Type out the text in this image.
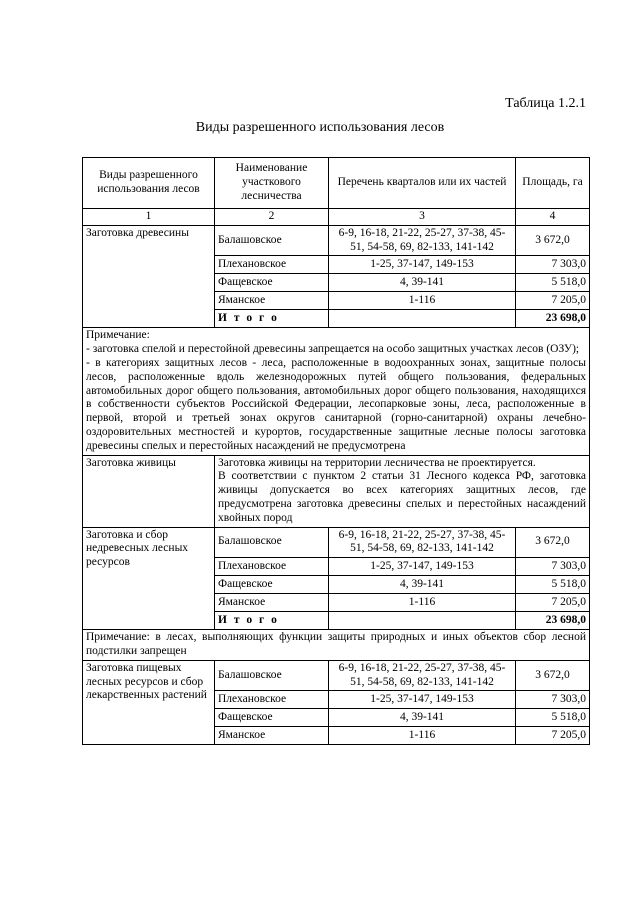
Таблица 1.2.1
Виды разрешенного использования лесов
Виды разрешенного использования лесов	Наименование участкового лесничества	Перечень кварталов или их частей	Площадь, га
1	2	3	4
Заготовка древесины	Балашовское	6-9, 16-18, 21-22, 25-27, 37-38, 45-51, 54-58, 69, 82-133, 141-142	3 672,0
	Плехановское	1-25, 37-147, 149-153	7 303,0
	Фащевское	4, 39-141	5 518,0
	Яманское	1-116	7 205,0
	И т о г о		23 698,0
Примечание:
- заготовка спелой и перестойной древесины запрещается на особо защитных участках лесов (ОЗУ);
- в категориях защитных лесов - леса, расположенные в водоохранных зонах, защитные полосы лесов, расположенные вдоль железнодорожных путей общего пользования, федеральных автомобильных дорог общего пользования, автомобильных дорог общего пользования, находящихся в собственности субъектов Российской Федерации, лесопарковые зоны, леса, расположенные в первой, второй и третьей зонах округов санитарной (горно-санитарной) охраны лечебно-оздоровительных местностей и курортов, государственные защитные лесные полосы заготовка древесины спелых и перестойных насаждений не предусмотрена			
Заготовка живицы	Заготовка живицы на территории лесничества не проектируется.
В соответствии с пунктом 2 статьи 31 Лесного кодекса РФ, заготовка живицы допускается во всех категориях защитных лесов, где предусмотрена заготовка древесины спелых и перестойных насаждений хвойных пород		

Заготовка и сбор недревесных лесных ресурсов	Балашовское	6-9, 16-18, 21-22, 25-27, 37-38, 45-51, 54-58, 69, 82-133, 141-142	3 672,0
	Плехановское	1-25, 37-147, 149-153	7 303,0
	Фащевское	4, 39-141	5 518,0
	Яманское	1-116	7 205,0
	И т о г о		23 698,0
Примечание: в лесах, выполняющих функции защиты природных и иных объектов сбор лесной подстилки запрещен			
Заготовка пищевых лесных ресурсов и сбор лекарственных растений	Балашовское	6-9, 16-18, 21-22, 25-27, 37-38, 45-51, 54-58, 69, 82-133, 141-142	3 672,0
	Плехановское	1-25, 37-147, 149-153	7 303,0
	Фащевское	4, 39-141	5 518,0
	Яманское	1-116	7 205,0
